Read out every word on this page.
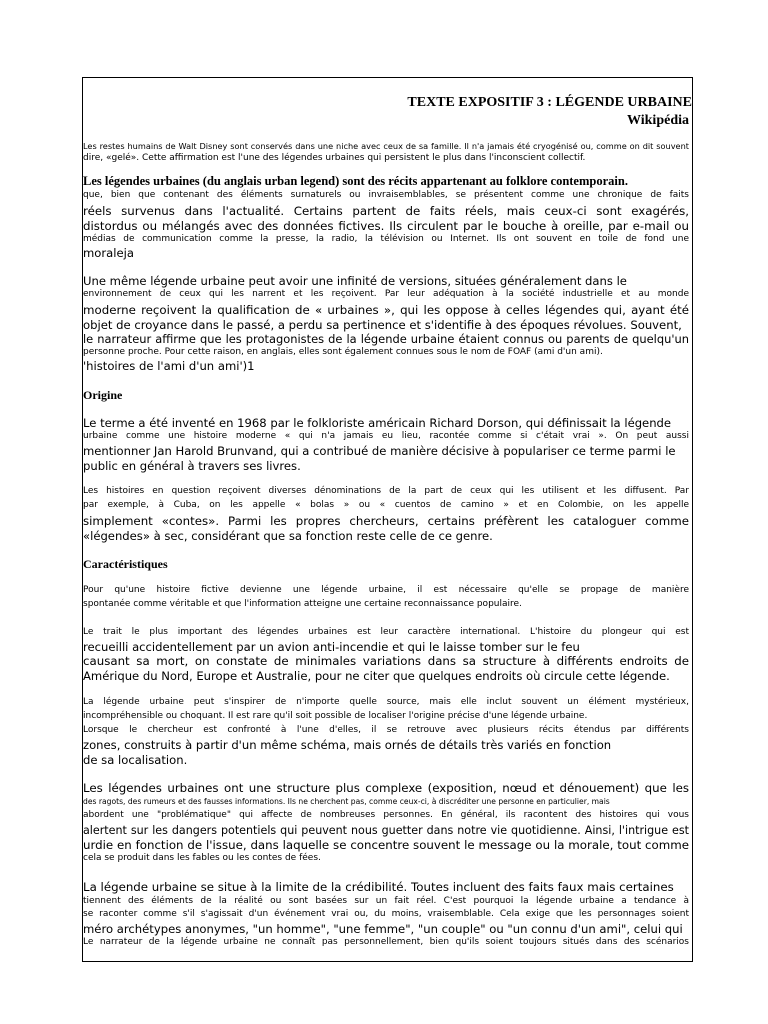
TEXTE EXPOSITIF 3 : LÉGENDE URBAINE
Wikipédia
Les restes humains de Walt Disney sont conservés dans une niche avec ceux de sa famille. Il n'a jamais été cryogénisé ou, comme on dit souvent
dire, «gelé». Cette affirmation est l'une des légendes urbaines qui persistent le plus dans l'inconscient collectif.
Les légendes urbaines (du anglais urban legend) sont des récits appartenant au folklore contemporain.
que, bien que contenant des éléments surnaturels ou invraisemblables, se présentent comme une chronique de faits
réels survenus dans l'actualité. Certains partent de faits réels, mais ceux-ci sont exagérés,
distordus ou mélangés avec des données fictives. Ils circulent par le bouche à oreille, par e-mail ou
médias de communication comme la presse, la radio, la télévision ou Internet. Ils ont souvent en toile de fond une
moraleja
Une même légende urbaine peut avoir une infinité de versions, situées généralement dans le
environnement de ceux qui les narrent et les reçoivent. Par leur adéquation à la société industrielle et au monde
moderne reçoivent la qualification de « urbaines », qui les oppose à celles légendes qui, ayant été
objet de croyance dans le passé, a perdu sa pertinence et s'identifie à des époques révolues. Souvent,
le narrateur affirme que les protagonistes de la légende urbaine étaient connus ou parents de quelqu'un
personne proche. Pour cette raison, en anglais, elles sont également connues sous le nom de FOAF (ami d'un ami).
'histoires de l'ami d'un ami')1
Origine
Le terme a été inventé en 1968 par le folkloriste américain Richard Dorson, qui définissait la légende
urbaine comme une histoire moderne « qui n'a jamais eu lieu, racontée comme si c'était vrai ». On peut aussi
mentionner Jan Harold Brunvand, qui a contribué de manière décisive à populariser ce terme parmi le
public en général à travers ses livres.
Les histoires en question reçoivent diverses dénominations de la part de ceux qui les utilisent et les diffusent. Par
par exemple, à Cuba, on les appelle « bolas » ou « cuentos de camino » et en Colombie, on les appelle
simplement «contes». Parmi les propres chercheurs, certains préfèrent les cataloguer comme
«légendes» à sec, considérant que sa fonction reste celle de ce genre.
Caractéristiques
Pour qu'une histoire fictive devienne une légende urbaine, il est nécessaire qu'elle se propage de manière
spontanée comme véritable et que l'information atteigne une certaine reconnaissance populaire.
Le trait le plus important des légendes urbaines est leur caractère international. L'histoire du plongeur qui est
recueilli accidentellement par un avion anti-incendie et qui le laisse tomber sur le feu
causant sa mort, on constate de minimales variations dans sa structure à différents endroits de
Amérique du Nord, Europe et Australie, pour ne citer que quelques endroits où circule cette légende.
La légende urbaine peut s'inspirer de n'importe quelle source, mais elle inclut souvent un élément mystérieux,
incompréhensible ou choquant. Il est rare qu'il soit possible de localiser l'origine précise d'une légende urbaine.
Lorsque le chercheur est confronté à l'une d'elles, il se retrouve avec plusieurs récits étendus par différents
zones, construits à partir d'un même schéma, mais ornés de détails très variés en fonction
de sa localisation.
Les légendes urbaines ont une structure plus complexe (exposition, nœud et dénouement) que les
des ragots, des rumeurs et des fausses informations. Ils ne cherchent pas, comme ceux-ci, à discréditer une personne en particulier, mais
abordent une "problématique" qui affecte de nombreuses personnes. En général, ils racontent des histoires qui vous
alertent sur les dangers potentiels qui peuvent nous guetter dans notre vie quotidienne. Ainsi, l'intrigue est
urdie en fonction de l'issue, dans laquelle se concentre souvent le message ou la morale, tout comme
cela se produit dans les fables ou les contes de fées.
La légende urbaine se situe à la limite de la crédibilité. Toutes incluent des faits faux mais certaines
tiennent des éléments de la réalité ou sont basées sur un fait réel. C'est pourquoi la légende urbaine a tendance à
se raconter comme s'il s'agissait d'un événement vrai ou, du moins, vraisemblable. Cela exige que les personnages soient
méro archétypes anonymes, "un homme", "une femme", "un couple" ou "un connu d'un ami", celui qui
Le narrateur de la légende urbaine ne connaît pas personnellement, bien qu'ils soient toujours situés dans des scénarios
